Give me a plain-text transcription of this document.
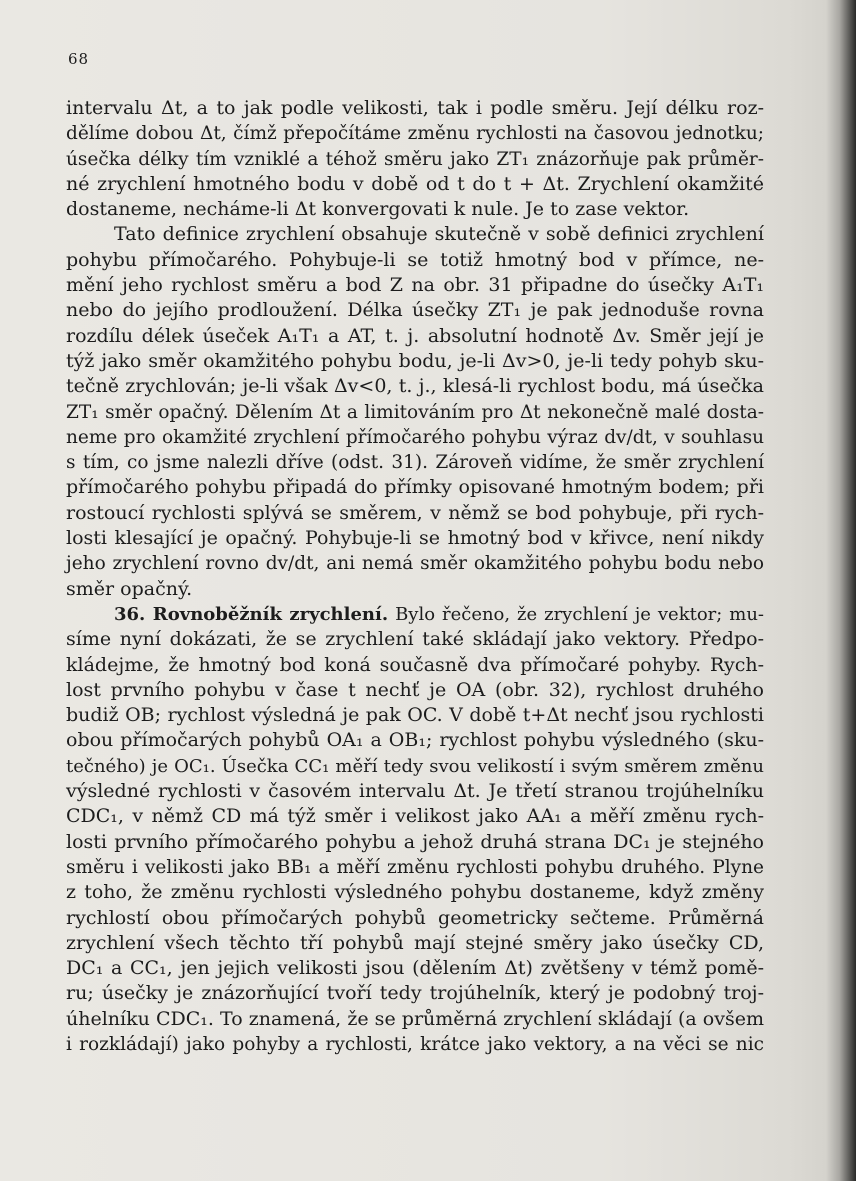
68
intervalu Δt, a to jak podle velikosti, tak i podle směru. Její délku roz-
dělíme dobou Δt, čímž přepočítáme změnu rychlosti na časovou jednotku;
úsečka délky tím vzniklé a téhož směru jako ZT₁ znázorňuje pak průměr-
né zrychlení hmotného bodu v době od t do t + Δt. Zrychlení okamžité
dostaneme, necháme-li Δt konvergovati k nule. Je to zase vektor.
Tato definice zrychlení obsahuje skutečně v sobě definici zrychlení
pohybu přímočarého. Pohybuje-li se totiž hmotný bod v přímce, ne-
mění jeho rychlost směru a bod Z na obr. 31 připadne do úsečky A₁T₁
nebo do jejího prodloužení. Délka úsečky ZT₁ je pak jednoduše rovna
rozdílu délek úseček A₁T₁ a AT, t. j. absolutní hodnotě Δv. Směr její je
týž jako směr okamžitého pohybu bodu, je-li Δv>0, je-li tedy pohyb sku-
tečně zrychlován; je-li však Δv<0, t. j., klesá-li rychlost bodu, má úsečka
ZT₁ směr opačný. Dělením Δt a limitováním pro Δt nekonečně malé dosta-
neme pro okamžité zrychlení přímočarého pohybu výraz dv/dt, v souhlasu
s tím, co jsme nalezli dříve (odst. 31). Zároveň vidíme, že směr zrychlení
přímočarého pohybu připadá do přímky opisované hmotným bodem; při
rostoucí rychlosti splývá se směrem, v němž se bod pohybuje, při rych-
losti klesající je opačný. Pohybuje-li se hmotný bod v křivce, není nikdy
jeho zrychlení rovno dv/dt, ani nemá směr okamžitého pohybu bodu nebo
směr opačný.
36. Rovnoběžník zrychlení. Bylo řečeno, že zrychlení je vektor; mu-
síme nyní dokázati, že se zrychlení také skládají jako vektory. Předpo-
kládejme, že hmotný bod koná současně dva přímočaré pohyby. Rych-
lost prvního pohybu v čase t nechť je OA (obr. 32), rychlost druhého
budiž OB; rychlost výsledná je pak OC. V době t+Δt nechť jsou rychlosti
obou přímočarých pohybů OA₁ a OB₁; rychlost pohybu výsledného (sku-
tečného) je OC₁. Úsečka CC₁ měří tedy svou velikostí i svým směrem změnu
výsledné rychlosti v časovém intervalu Δt. Je třetí stranou trojúhelníku
CDC₁, v němž CD má týž směr i velikost jako AA₁ a měří změnu rych-
losti prvního přímočarého pohybu a jehož druhá strana DC₁ je stejného
směru i velikosti jako BB₁ a měří změnu rychlosti pohybu druhého. Plyne
z toho, že změnu rychlosti výsledného pohybu dostaneme, když změny
rychlostí obou přímočarých pohybů geometricky sečteme. Průměrná
zrychlení všech těchto tří pohybů mají stejné směry jako úsečky CD,
DC₁ a CC₁, jen jejich velikosti jsou (dělením Δt) zvětšeny v témž pomě-
ru; úsečky je znázorňující tvoří tedy trojúhelník, který je podobný troj-
úhelníku CDC₁. To znamená, že se průměrná zrychlení skládají (a ovšem
i rozkládají) jako pohyby a rychlosti, krátce jako vektory, a na věci se nic
